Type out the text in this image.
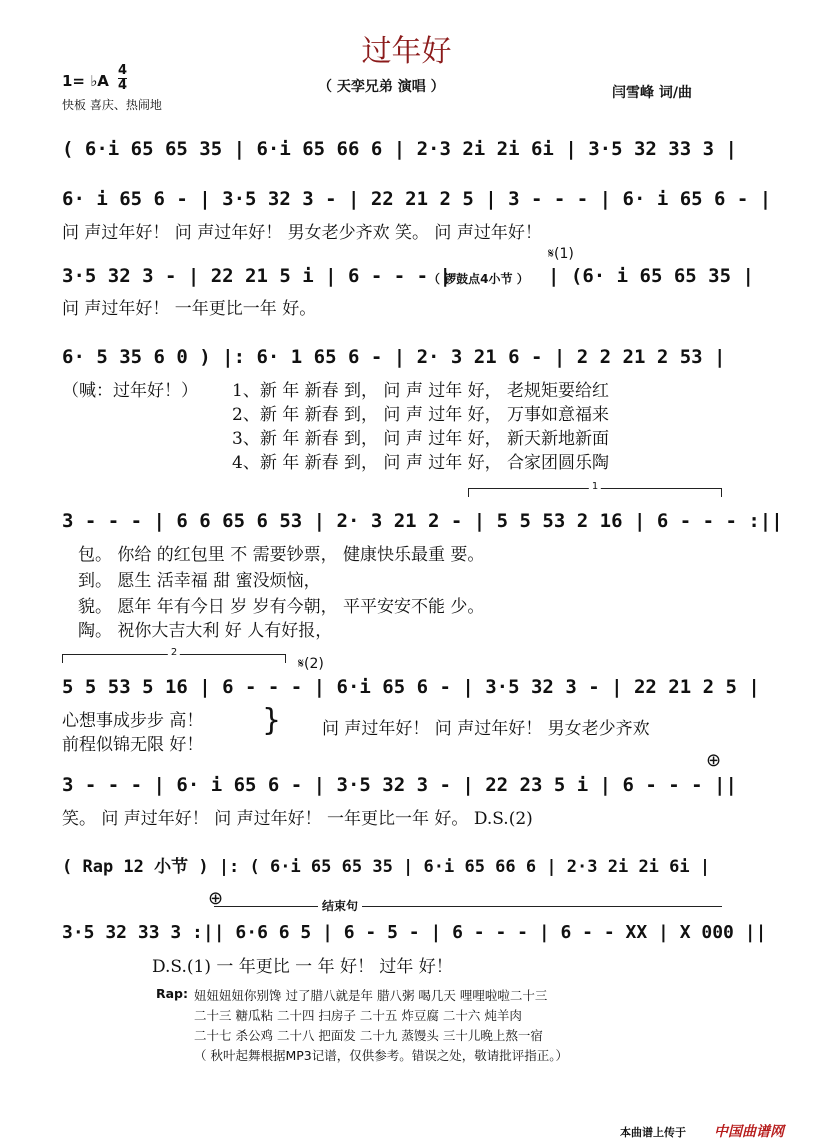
过年好
1= ♭A
4
4
快板 喜庆、热闹地
（ 天孪兄弟 演唱 ）	闫雪峰 词/曲
( 6·i 65 65 35 | 6·i 65 66 6 | 2·3 2i 2i 6i | 3·5 32 33 3 |
6· i 65 6 - | 3·5 32 3 - | 22 21 2 5 | 3 - - - | 6· i 65 6 - |
问 声过年好！ 问 声过年好！ 男女老少齐欢 笑。 问 声过年好！
𝄋(1)
3·5 32 3 - | 22 21 5 i | 6 - - - |
（ 锣鼓点4小节 ） | (6· i 65 65 35 |
问 声过年好！ 一年更比一年 好。
6· 5 35 6 0 ) |: 6· 1 65 6 - | 2· 3 21 6 - | 2 2 21 2 53 |
（喊：过年好！） 1、新 年 新春 到， 问 声 过年 好， 老规矩要给红
2、新 年 新春 到， 问 声 过年 好， 万事如意福来
3、新 年 新春 到， 问 声 过年 好， 新天新地新面
4、新 年 新春 到， 问 声 过年 好， 合家团圆乐陶
1
3 - - - | 6 6 65 6 53 | 2· 3 21 2 - | 5 5 53 2 16 | 6 - - - :||
包。 你给 的红包里 不 需要钞票， 健康快乐最重 要。
到。 愿生 活幸福 甜 蜜没烦恼，
貌。 愿年 年有今日 岁 岁有今朝， 平平安安不能 少。
陶。 祝你大吉大利 好 人有好报，
2
𝄋(2)
5 5 53 5 16 | 6 - - - | 6·i 65 6 - | 3·5 32 3 - | 22 21 2 5 |
心想事成步步 高！
前程似锦无限 好！
} 问 声过年好！ 问 声过年好！ 男女老少齐欢
⊕
3 - - - | 6· i 65 6 - | 3·5 32 3 - | 22 23 5 i | 6 - - - ||
笑。 问 声过年好！ 问 声过年好！ 一年更比一年 好。 D.S.(2)
( Rap 12 小节 ) |: ( 6·i 65 65 35 | 6·i 65 66 6 | 2·3 2i 2i 6i |
⊕	结束句
3·5 32 33 3 :|| 6·6 6 5 | 6 - 5 - | 6 - - - | 6 - - XX | X 000 ||
D.S.(1) 一 年更比 一 年 好！ 过年 好！
Rap: 妞妞妞妞你别馋 过了腊八就是年 腊八粥 喝几天 哩哩啦啦二十三
二十三 糖瓜粘 二十四 扫房子 二十五 炸豆腐 二十六 炖羊肉
二十七 杀公鸡 二十八 把面发 二十九 蒸馒头 三十儿晚上熬一宿
（ 秋叶起舞根据MP3记谱，仅供参考。错误之处，敬请批评指正。）
本曲谱上传于 中国曲谱网
